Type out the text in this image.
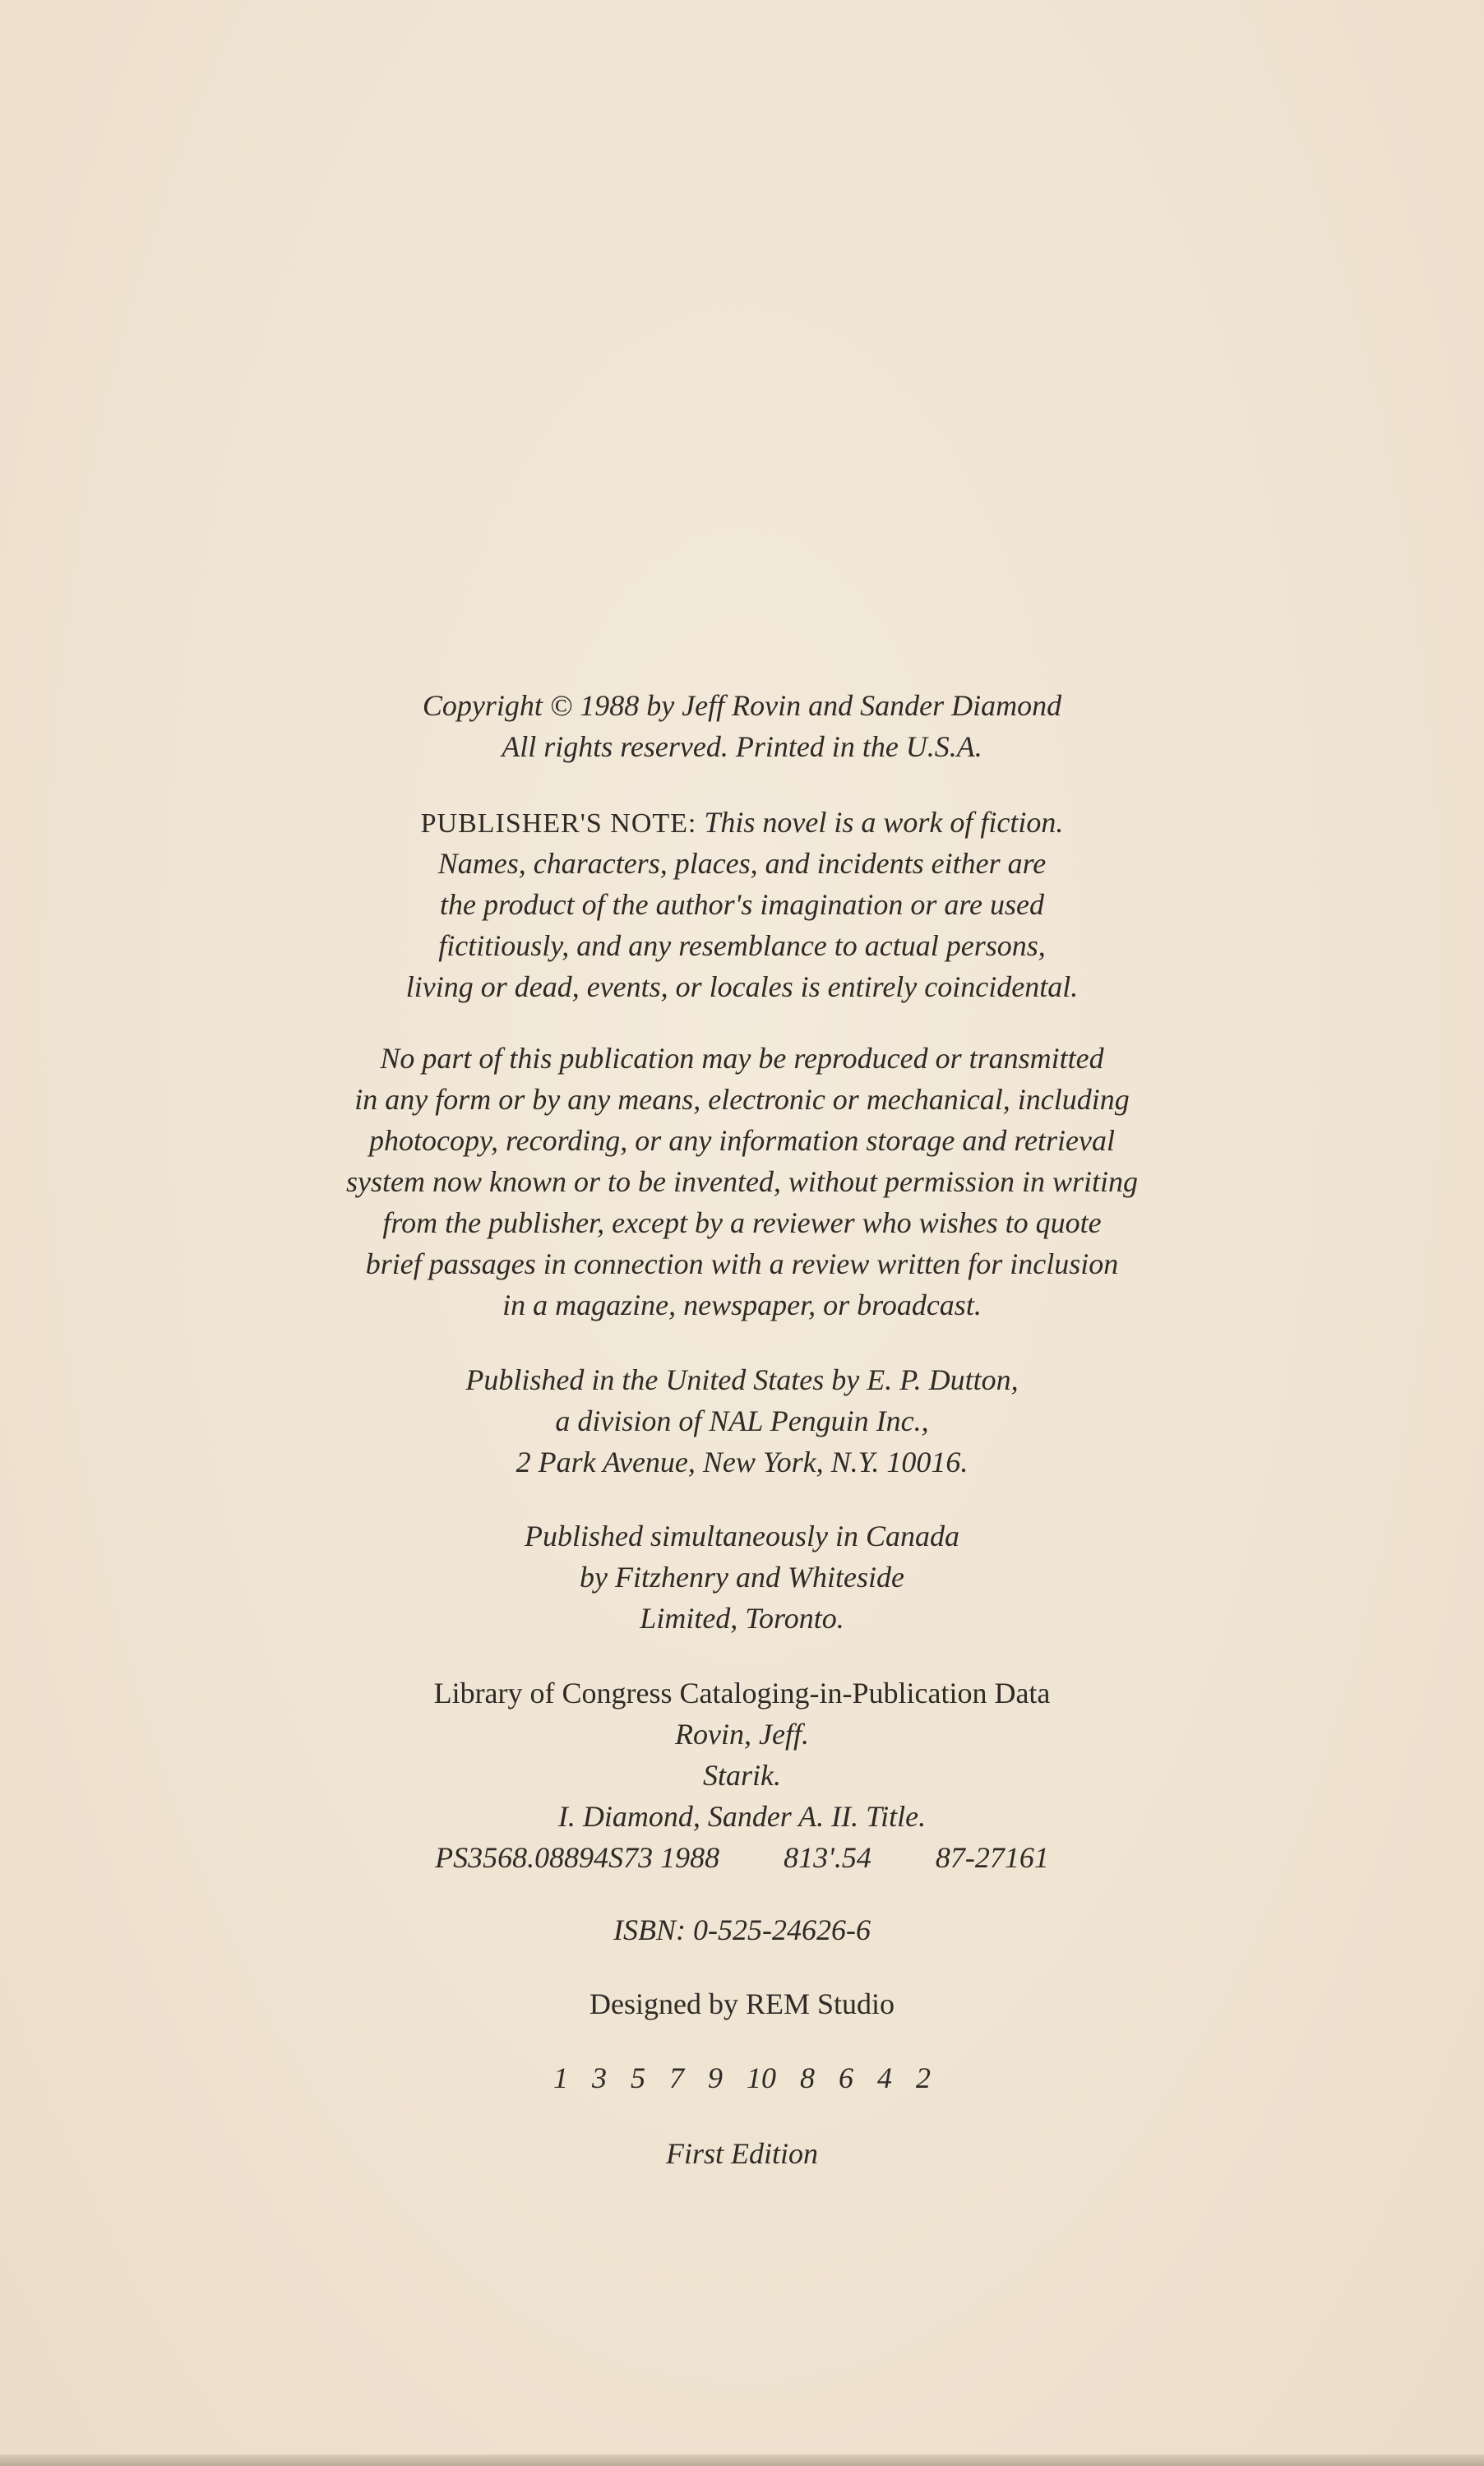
Copyright © 1988 by Jeff Rovin and Sander Diamond
All rights reserved. Printed in the U.S.A.
PUBLISHER'S NOTE: This novel is a work of fiction.
Names, characters, places, and incidents either are
the product of the author's imagination or are used
fictitiously, and any resemblance to actual persons,
living or dead, events, or locales is entirely coincidental.
No part of this publication may be reproduced or transmitted
in any form or by any means, electronic or mechanical, including
photocopy, recording, or any information storage and retrieval
system now known or to be invented, without permission in writing
from the publisher, except by a reviewer who wishes to quote
brief passages in connection with a review written for inclusion
in a magazine, newspaper, or broadcast.
Published in the United States by E. P. Dutton,
a division of NAL Penguin Inc.,
2 Park Avenue, New York, N.Y. 10016.
Published simultaneously in Canada
by Fitzhenry and Whiteside
Limited, Toronto.
Library of Congress Cataloging-in-Publication Data
Rovin, Jeff.
Starik.
I. Diamond, Sander A. II. Title.
PS3568.08894S73 1988 813'.54 87-27161
ISBN: 0-525-24626-6
Designed by REM Studio
1 3 5 7 9 10 8 6 4 2
First Edition
